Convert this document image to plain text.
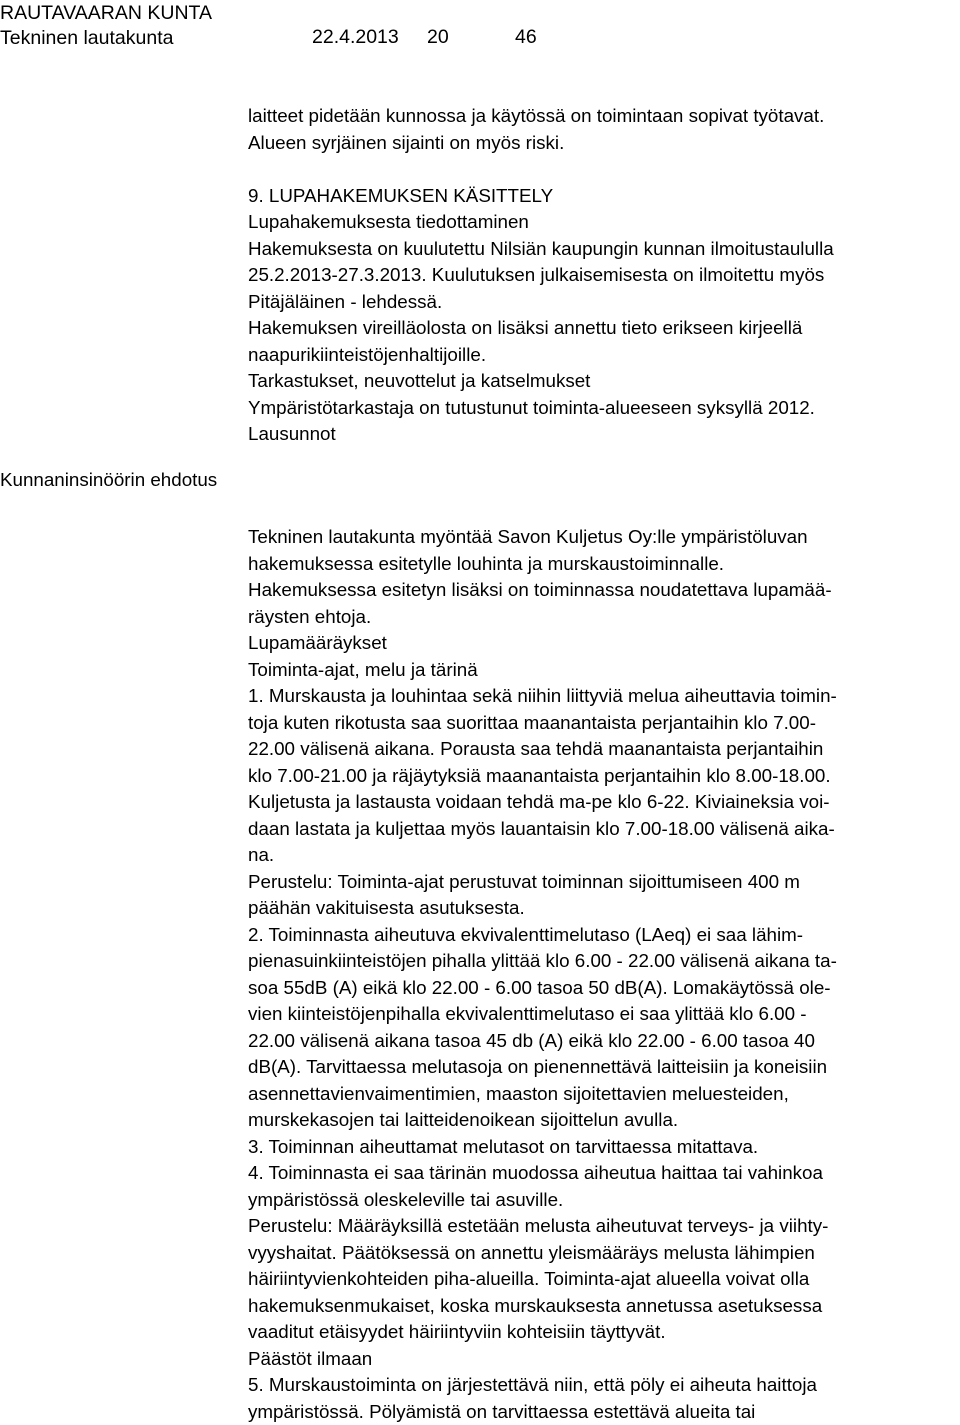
RAUTAVAARAN KUNTA
Tekninen lautakunta	22.4.2013 20	46
Kunnaninsinöörin ehdotus
laitteet pidetään kunnossa ja käytössä on toimintaan sopivat työtavat.
Alueen syrjäinen sijainti on myös riski.
9. LUPAHAKEMUKSEN KÄSITTELY
Lupahakemuksesta tiedottaminen
Hakemuksesta on kuulutettu Nilsiän kaupungin kunnan ilmoitustaululla
25.2.2013-27.3.2013. Kuulutuksen julkaisemisesta on ilmoitettu myös
Pitäjäläinen - lehdessä.
Hakemuksen vireilläolosta on lisäksi annettu tieto erikseen kirjeellä
naapurikiinteistöjenhaltijoille.
Tarkastukset, neuvottelut ja katselmukset
Ympäristötarkastaja on tutustunut toiminta-alueeseen syksyllä 2012.
Lausunnot
Tekninen lautakunta myöntää Savon Kuljetus Oy:lle ympäristöluvan
hakemuksessa esitetylle louhinta ja murskaustoiminnalle.
Hakemuksessa esitetyn lisäksi on toiminnassa noudatettava lupamää-
räysten ehtoja.
Lupamääräykset
Toiminta-ajat, melu ja tärinä
1. Murskausta ja louhintaa sekä niihin liittyviä melua aiheuttavia toimin-
toja kuten rikotusta saa suorittaa maanantaista perjantaihin klo 7.00-
22.00 välisenä aikana. Porausta saa tehdä maanantaista perjantaihin
klo 7.00-21.00 ja räjäytyksiä maanantaista perjantaihin klo 8.00-18.00.
Kuljetusta ja lastausta voidaan tehdä ma-pe klo 6-22. Kiviaineksia voi-
daan lastata ja kuljettaa myös lauantaisin klo 7.00-18.00 välisenä aika-
na.
Perustelu: Toiminta-ajat perustuvat toiminnan sijoittumiseen 400 m
päähän vakituisesta asutuksesta.
2. Toiminnasta aiheutuva ekvivalenttimelutaso (LAeq) ei saa lähim-
pienasuinkiinteistöjen pihalla ylittää klo 6.00 - 22.00 välisenä aikana ta-
soa 55dB (A) eikä klo 22.00 - 6.00 tasoa 50 dB(A). Lomakäytössä ole-
vien kiinteistöjenpihalla ekvivalenttimelutaso ei saa ylittää klo 6.00 -
22.00 välisenä aikana tasoa 45 db (A) eikä klo 22.00 - 6.00 tasoa 40
dB(A). Tarvittaessa melutasoja on pienennettävä laitteisiin ja koneisiin
asennettavienvaimentimien, maaston sijoitettavien meluesteiden,
murskekasojen tai laitteidenoikean sijoittelun avulla.
3. Toiminnan aiheuttamat melutasot on tarvittaessa mitattava.
4. Toiminnasta ei saa tärinän muodossa aiheutua haittaa tai vahinkoa
ympäristössä oleskeleville tai asuville.
Perustelu: Määräyksillä estetään melusta aiheutuvat terveys- ja viihty-
vyyshaitat. Päätöksessä on annettu yleismääräys melusta lähimpien
häiriintyvienkohteiden piha-alueilla. Toiminta-ajat alueella voivat olla
hakemuksenmukaiset, koska murskauksesta annetussa asetuksessa
vaaditut etäisyydet häiriintyviin kohteisiin täyttyvät.
Päästöt ilmaan
5. Murskaustoiminta on järjestettävä niin, että pöly ei aiheuta haittoja
ympäristössä. Pölyämistä on tarvittaessa estettävä alueita tai
